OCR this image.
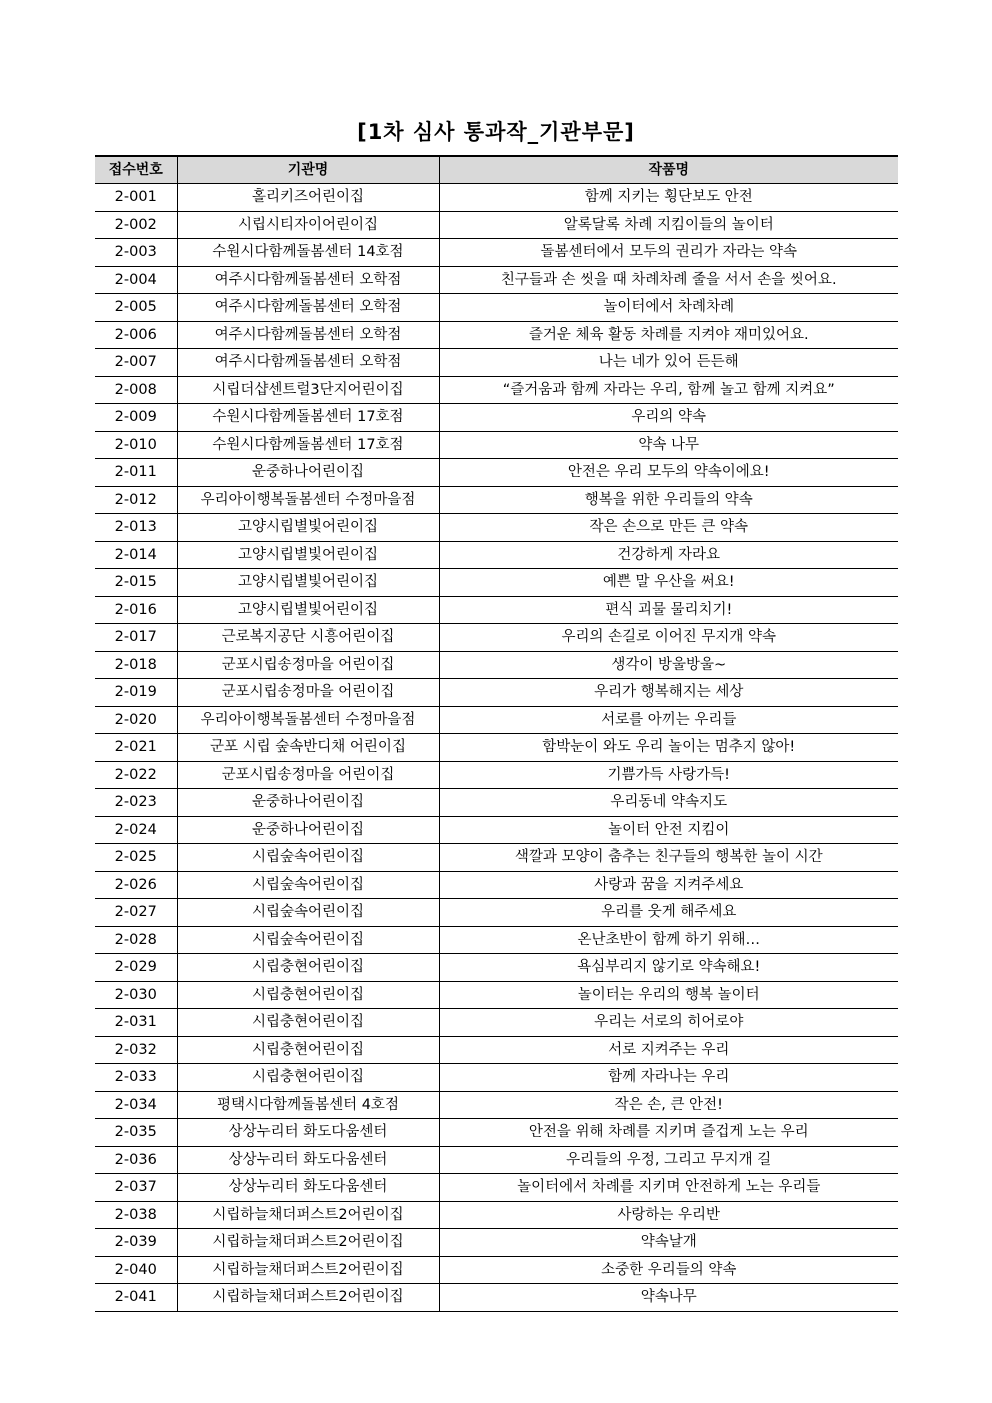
[1차 심사 통과작_기관부문]
접수번호	기관명	작품명
2-001	홀리키즈어린이집	함께 지키는 횡단보도 안전
2-002	시립시티자이어린이집	알록달록 차례 지킴이들의 놀이터
2-003	수원시다함께돌봄센터 14호점	돌봄센터에서 모두의 권리가 자라는 약속
2-004	여주시다함께돌봄센터 오학점	친구들과 손 씻을 때 차례차례 줄을 서서 손을 씻어요.
2-005	여주시다함께돌봄센터 오학점	놀이터에서 차례차례
2-006	여주시다함께돌봄센터 오학점	즐거운 체육 활동 차례를 지켜야 재미있어요.
2-007	여주시다함께돌봄센터 오학점	나는 네가 있어 든든해
2-008	시립더샵센트럴3단지어린이집	“즐거움과 함께 자라는 우리, 함께 놀고 함께 지켜요”
2-009	수원시다함께돌봄센터 17호점	우리의 약속
2-010	수원시다함께돌봄센터 17호점	약속 나무
2-011	운중하나어린이집	안전은 우리 모두의 약속이에요!
2-012	우리아이행복돌봄센터 수정마을점	행복을 위한 우리들의 약속
2-013	고양시립별빛어린이집	작은 손으로 만든 큰 약속
2-014	고양시립별빛어린이집	건강하게 자라요
2-015	고양시립별빛어린이집	예쁜 말 우산을 써요!
2-016	고양시립별빛어린이집	편식 괴물 물리치기!
2-017	근로복지공단 시흥어린이집	우리의 손길로 이어진 무지개 약속
2-018	군포시립송정마을 어린이집	생각이 방울방울~
2-019	군포시립송정마을 어린이집	우리가 행복해지는 세상
2-020	우리아이행복돌봄센터 수정마을점	서로를 아끼는 우리들
2-021	군포 시립 숲속반디채 어린이집	함박눈이 와도 우리 놀이는 멈추지 않아!
2-022	군포시립송정마을 어린이집	기쁨가득 사랑가득!
2-023	운중하나어린이집	우리동네 약속지도
2-024	운중하나어린이집	놀이터 안전 지킴이
2-025	시립숲속어린이집	색깔과 모양이 춤추는 친구들의 행복한 놀이 시간
2-026	시립숲속어린이집	사랑과 꿈을 지켜주세요
2-027	시립숲속어린이집	우리를 웃게 해주세요
2-028	시립숲속어린이집	온난초반이 함께 하기 위해…
2-029	시립충현어린이집	욕심부리지 않기로 약속해요!
2-030	시립충현어린이집	놀이터는 우리의 행복 놀이터
2-031	시립충현어린이집	우리는 서로의 히어로야
2-032	시립충현어린이집	서로 지켜주는 우리
2-033	시립충현어린이집	함께 자라나는 우리
2-034	평택시다함께돌봄센터 4호점	작은 손, 큰 안전!
2-035	상상누리터 화도다움센터	안전을 위해 차례를 지키며 즐겁게 노는 우리
2-036	상상누리터 화도다움센터	우리들의 우정, 그리고 무지개 길
2-037	상상누리터 화도다움센터	놀이터에서 차례를 지키며 안전하게 노는 우리들
2-038	시립하늘채더퍼스트2어린이집	사랑하는 우리반
2-039	시립하늘채더퍼스트2어린이집	약속날개
2-040	시립하늘채더퍼스트2어린이집	소중한 우리들의 약속
2-041	시립하늘채더퍼스트2어린이집	약속나무
